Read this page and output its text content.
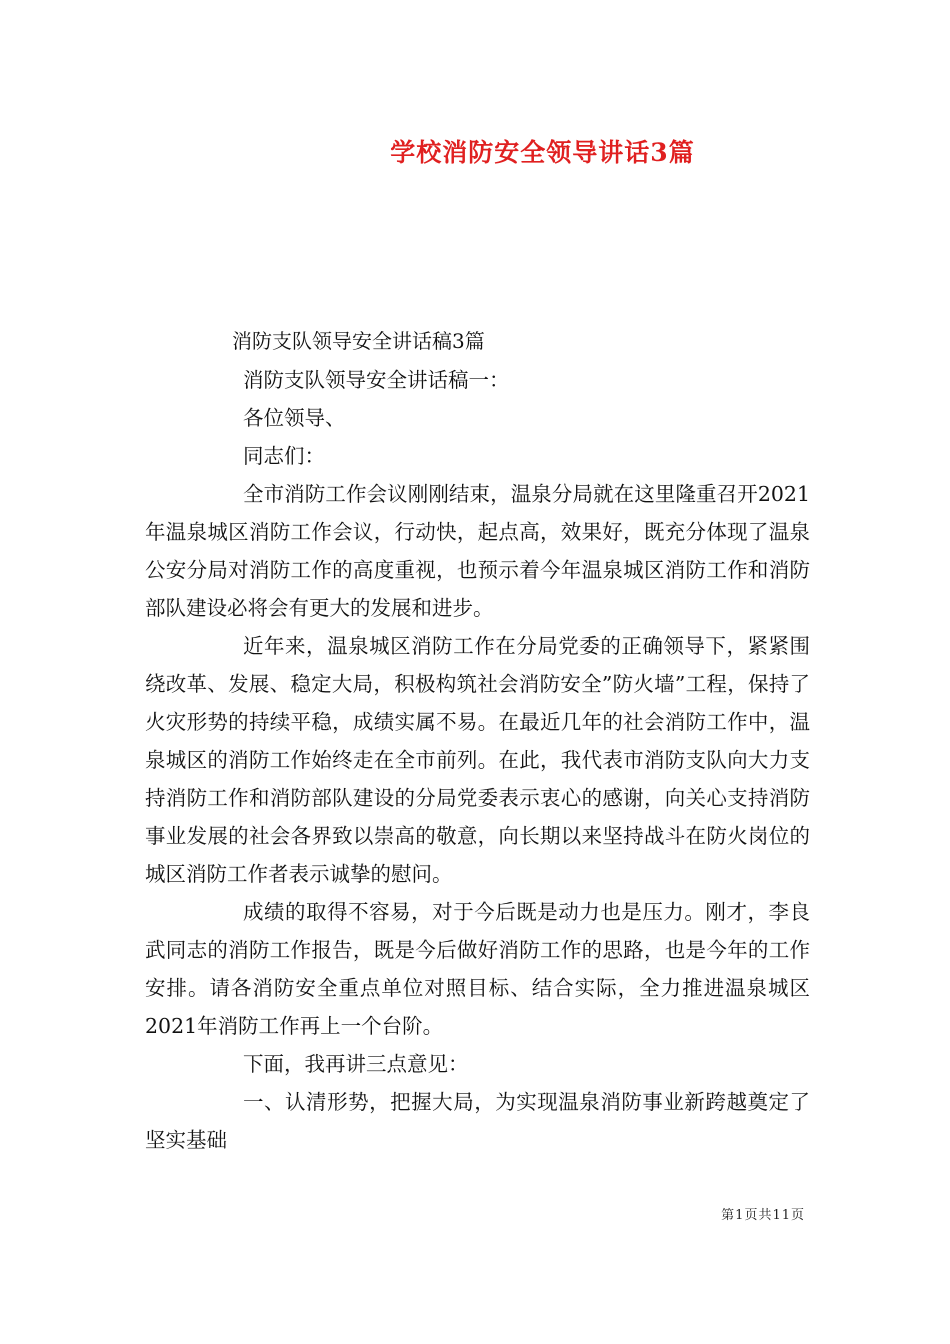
学校消防安全领导讲话3篇
消防支队领导安全讲话稿3篇

消防支队领导安全讲话稿一：

各位领导、

同志们：

全市消防工作会议刚刚结束，温泉分局就在这里隆重召开2021年温泉城区消防工作会议，行动快，起点高，效果好，既充分体现了温泉公安分局对消防工作的高度重视，也预示着今年温泉城区消防工作和消防部队建设必将会有更大的发展和进步。

近年来，温泉城区消防工作在分局党委的正确领导下，紧紧围绕改革、发展、稳定大局，积极构筑社会消防安全”防火墙”工程，保持了火灾形势的持续平稳，成绩实属不易。在最近几年的社会消防工作中，温泉城区的消防工作始终走在全市前列。在此，我代表市消防支队向大力支持消防工作和消防部队建设的分局党委表示衷心的感谢，向关心支持消防事业发展的社会各界致以崇高的敬意，向长期以来坚持战斗在防火岗位的城区消防工作者表示诚挚的慰问。

成绩的取得不容易，对于今后既是动力也是压力。刚才，李良武同志的消防工作报告，既是今后做好消防工作的思路，也是今年的工作安排。请各消防安全重点单位对照目标、结合实际，全力推进温泉城区2021年消防工作再上一个台阶。

下面，我再讲三点意见：

一、认清形势，把握大局，为实现温泉消防事业新跨越奠定了坚实基础

第1页共11页
